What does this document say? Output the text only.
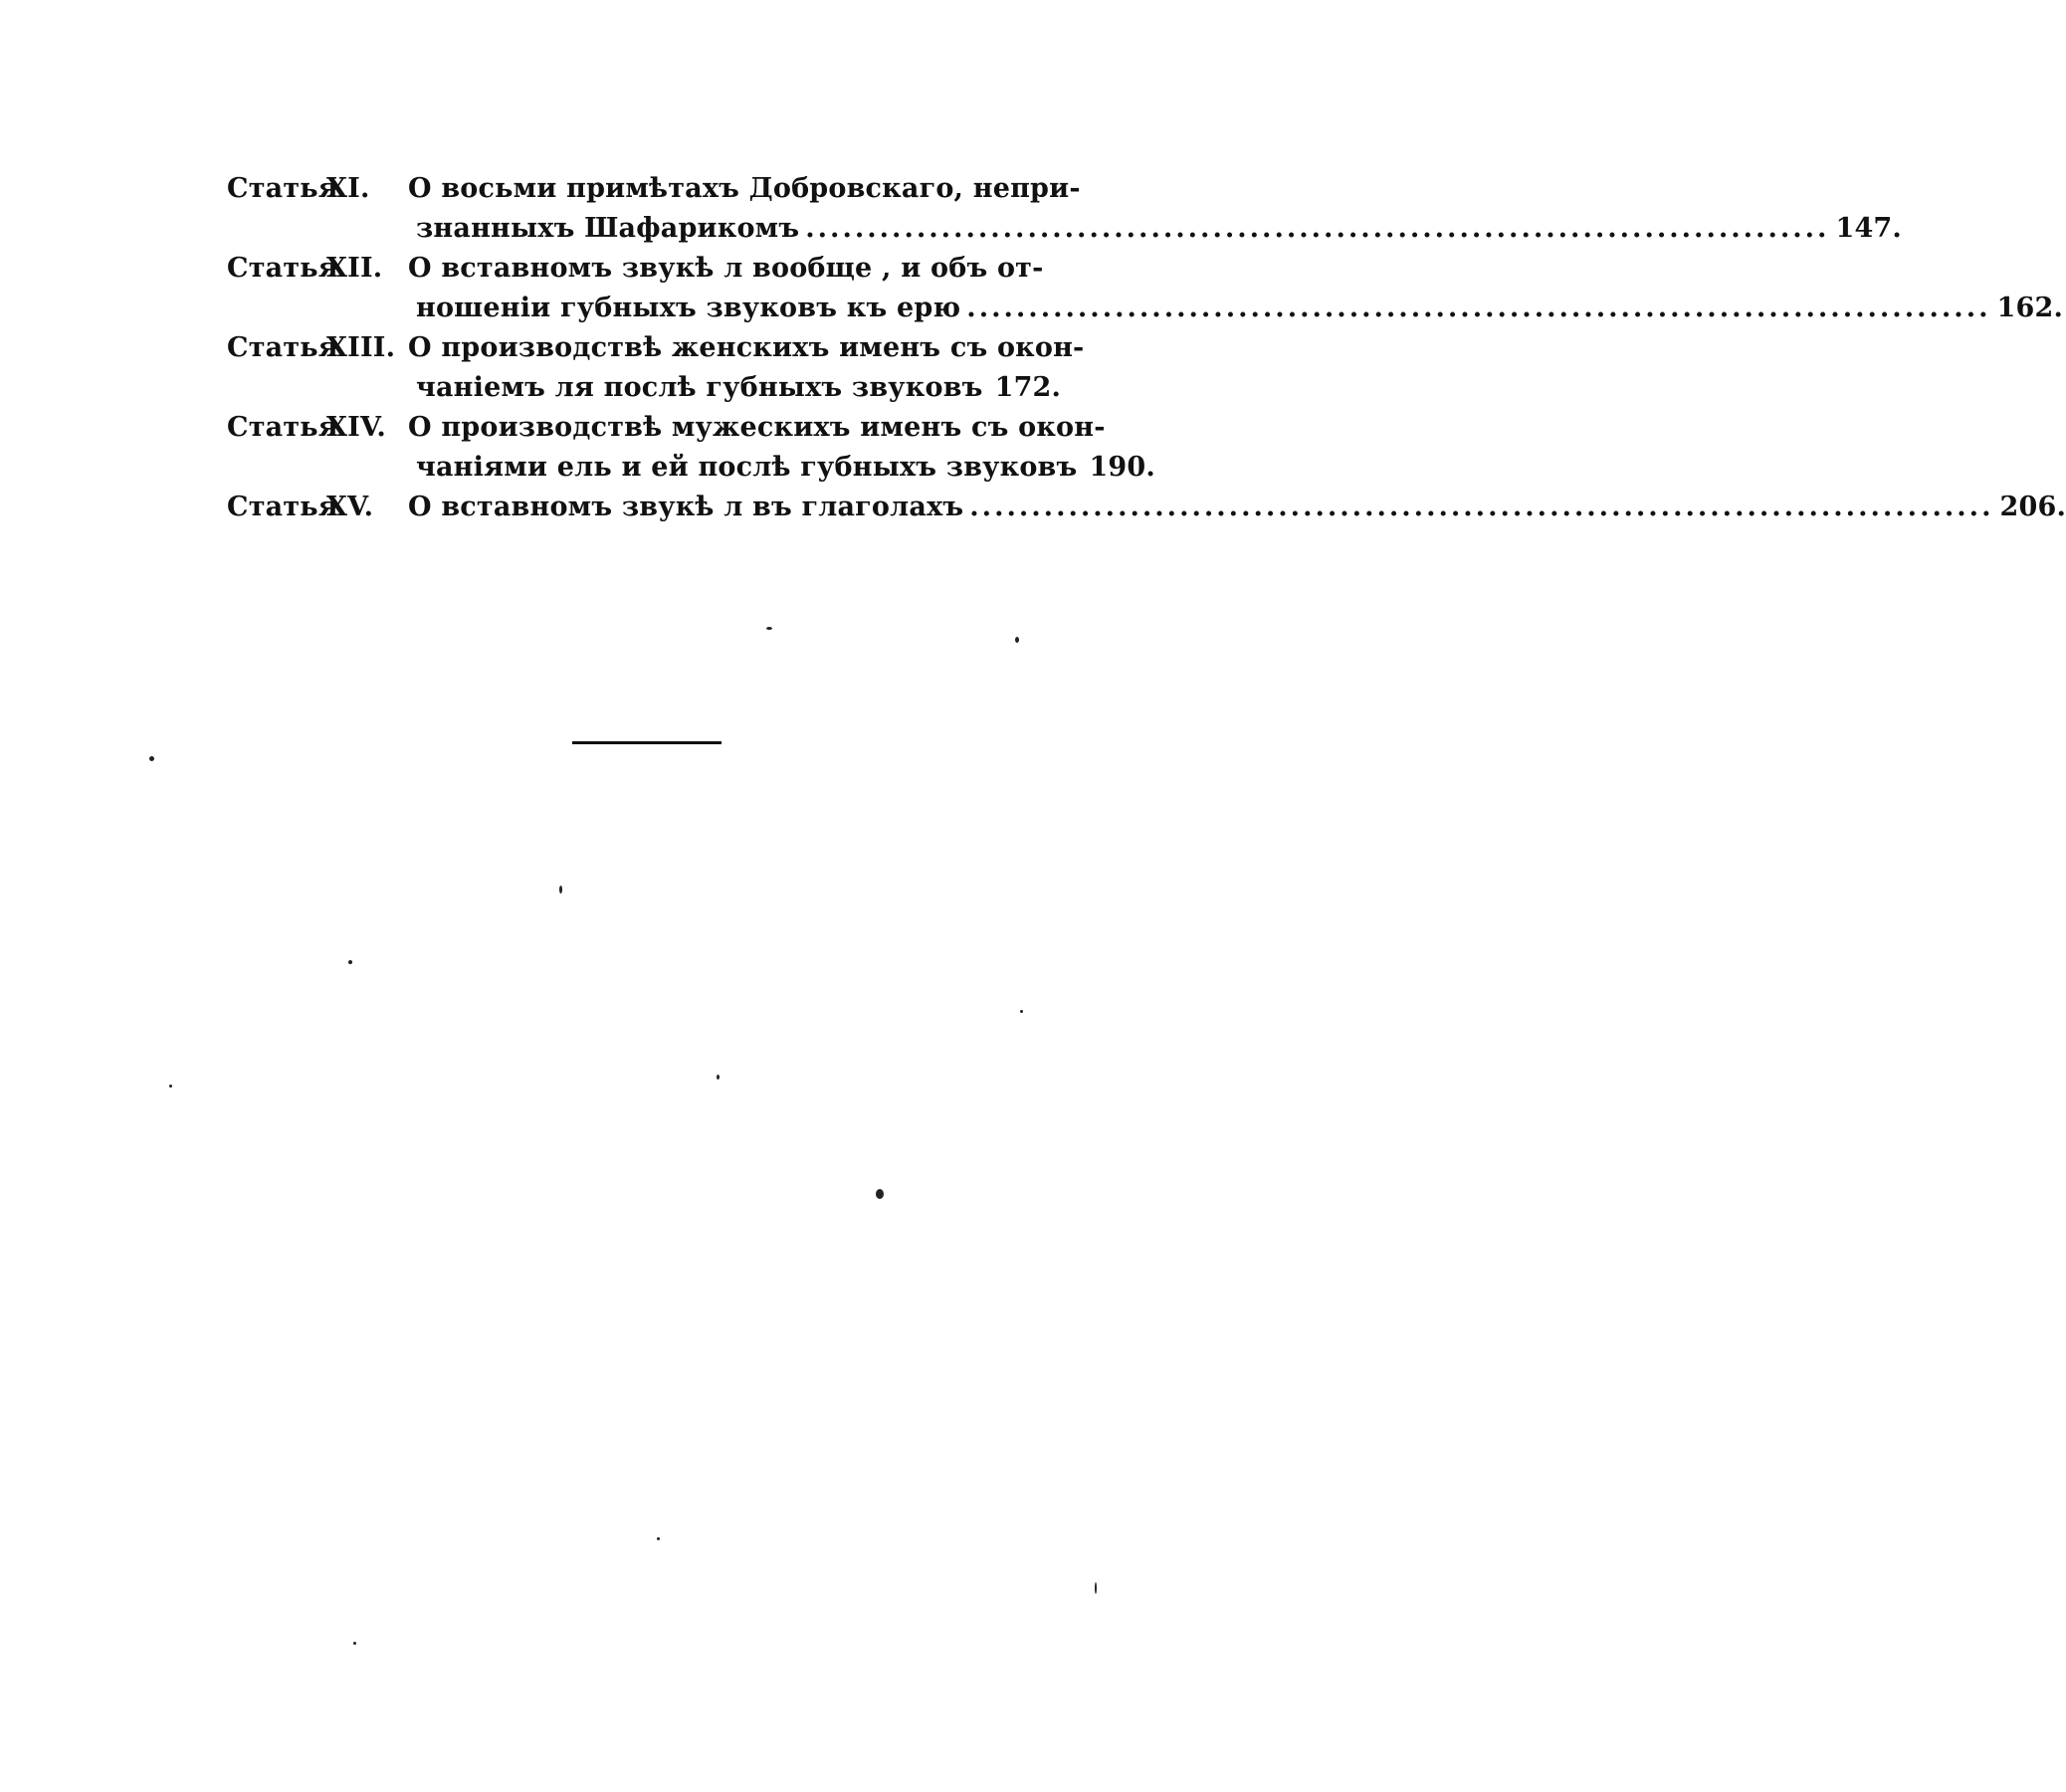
Статья
XI.	О восьми примѣтахъ Добровскаго, непри-
знанныхъ Шафарикомъ ................................................................................... 147.
Статья
XII. О вставномъ звукѣ л вообще , и объ от-
ношеніи губныхъ звуковъ къ ерю ................................................................................... 162.
Статья
XIII. О производствѣ женскихъ именъ съ окон-
чаніемъ ля послѣ губныхъ звуковъ 172.
Статья
XIV. О производствѣ мужескихъ именъ съ окон-
чаніями ель и ей послѣ губныхъ звуковъ 190.
Статья
XV.	О вставномъ звукѣ л въ глаголахъ ................................................................................... 206.
